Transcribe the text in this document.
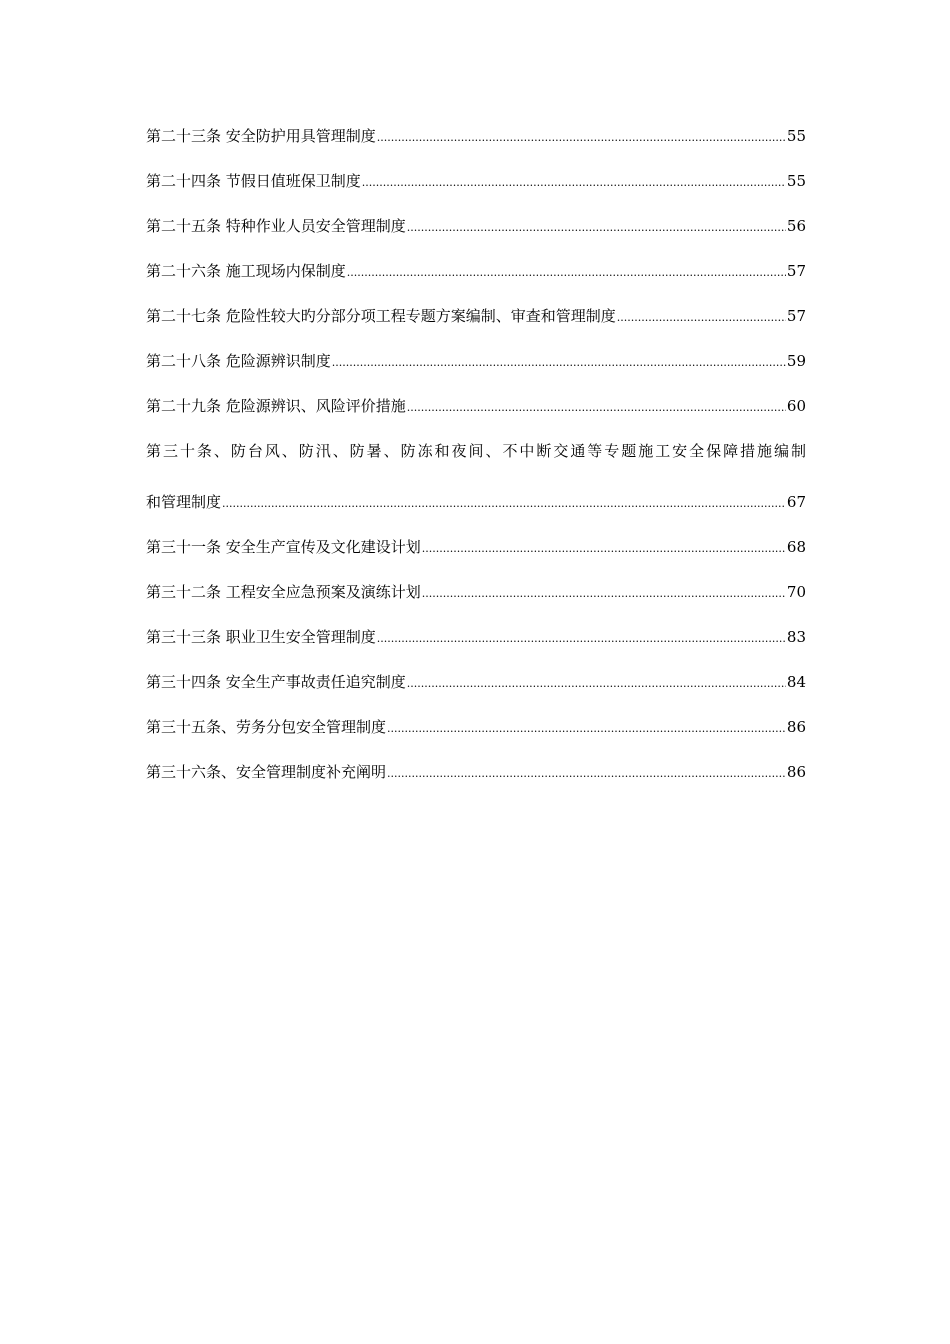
第二十三条 安全防护用具管理制度 .....	55
第二十四条 节假日值班保卫制度 .....	55
第二十五条 特种作业人员安全管理制度 .....	56
第二十六条 施工现场内保制度 .....	57
第二十七条 危险性较大旳分部分项工程专题方案编制、审查和管理制度 .....	57
第二十八条 危险源辨识制度 .....	59
第二十九条 危险源辨识、风险评价措施 .....	60
第三十条、防台风、防汛、防暑、防冻和夜间、不中断交通等专题施工安全保障措施编制
和管理制度 .....	67
第三十一条 安全生产宣传及文化建设计划 .....	68
第三十二条 工程安全应急预案及演练计划 .....	70
第三十三条 职业卫生安全管理制度 .....	83
第三十四条 安全生产事故责任追究制度 .....	84
第三十五条、劳务分包安全管理制度 .....	86
第三十六条、安全管理制度补充阐明 .....	86
